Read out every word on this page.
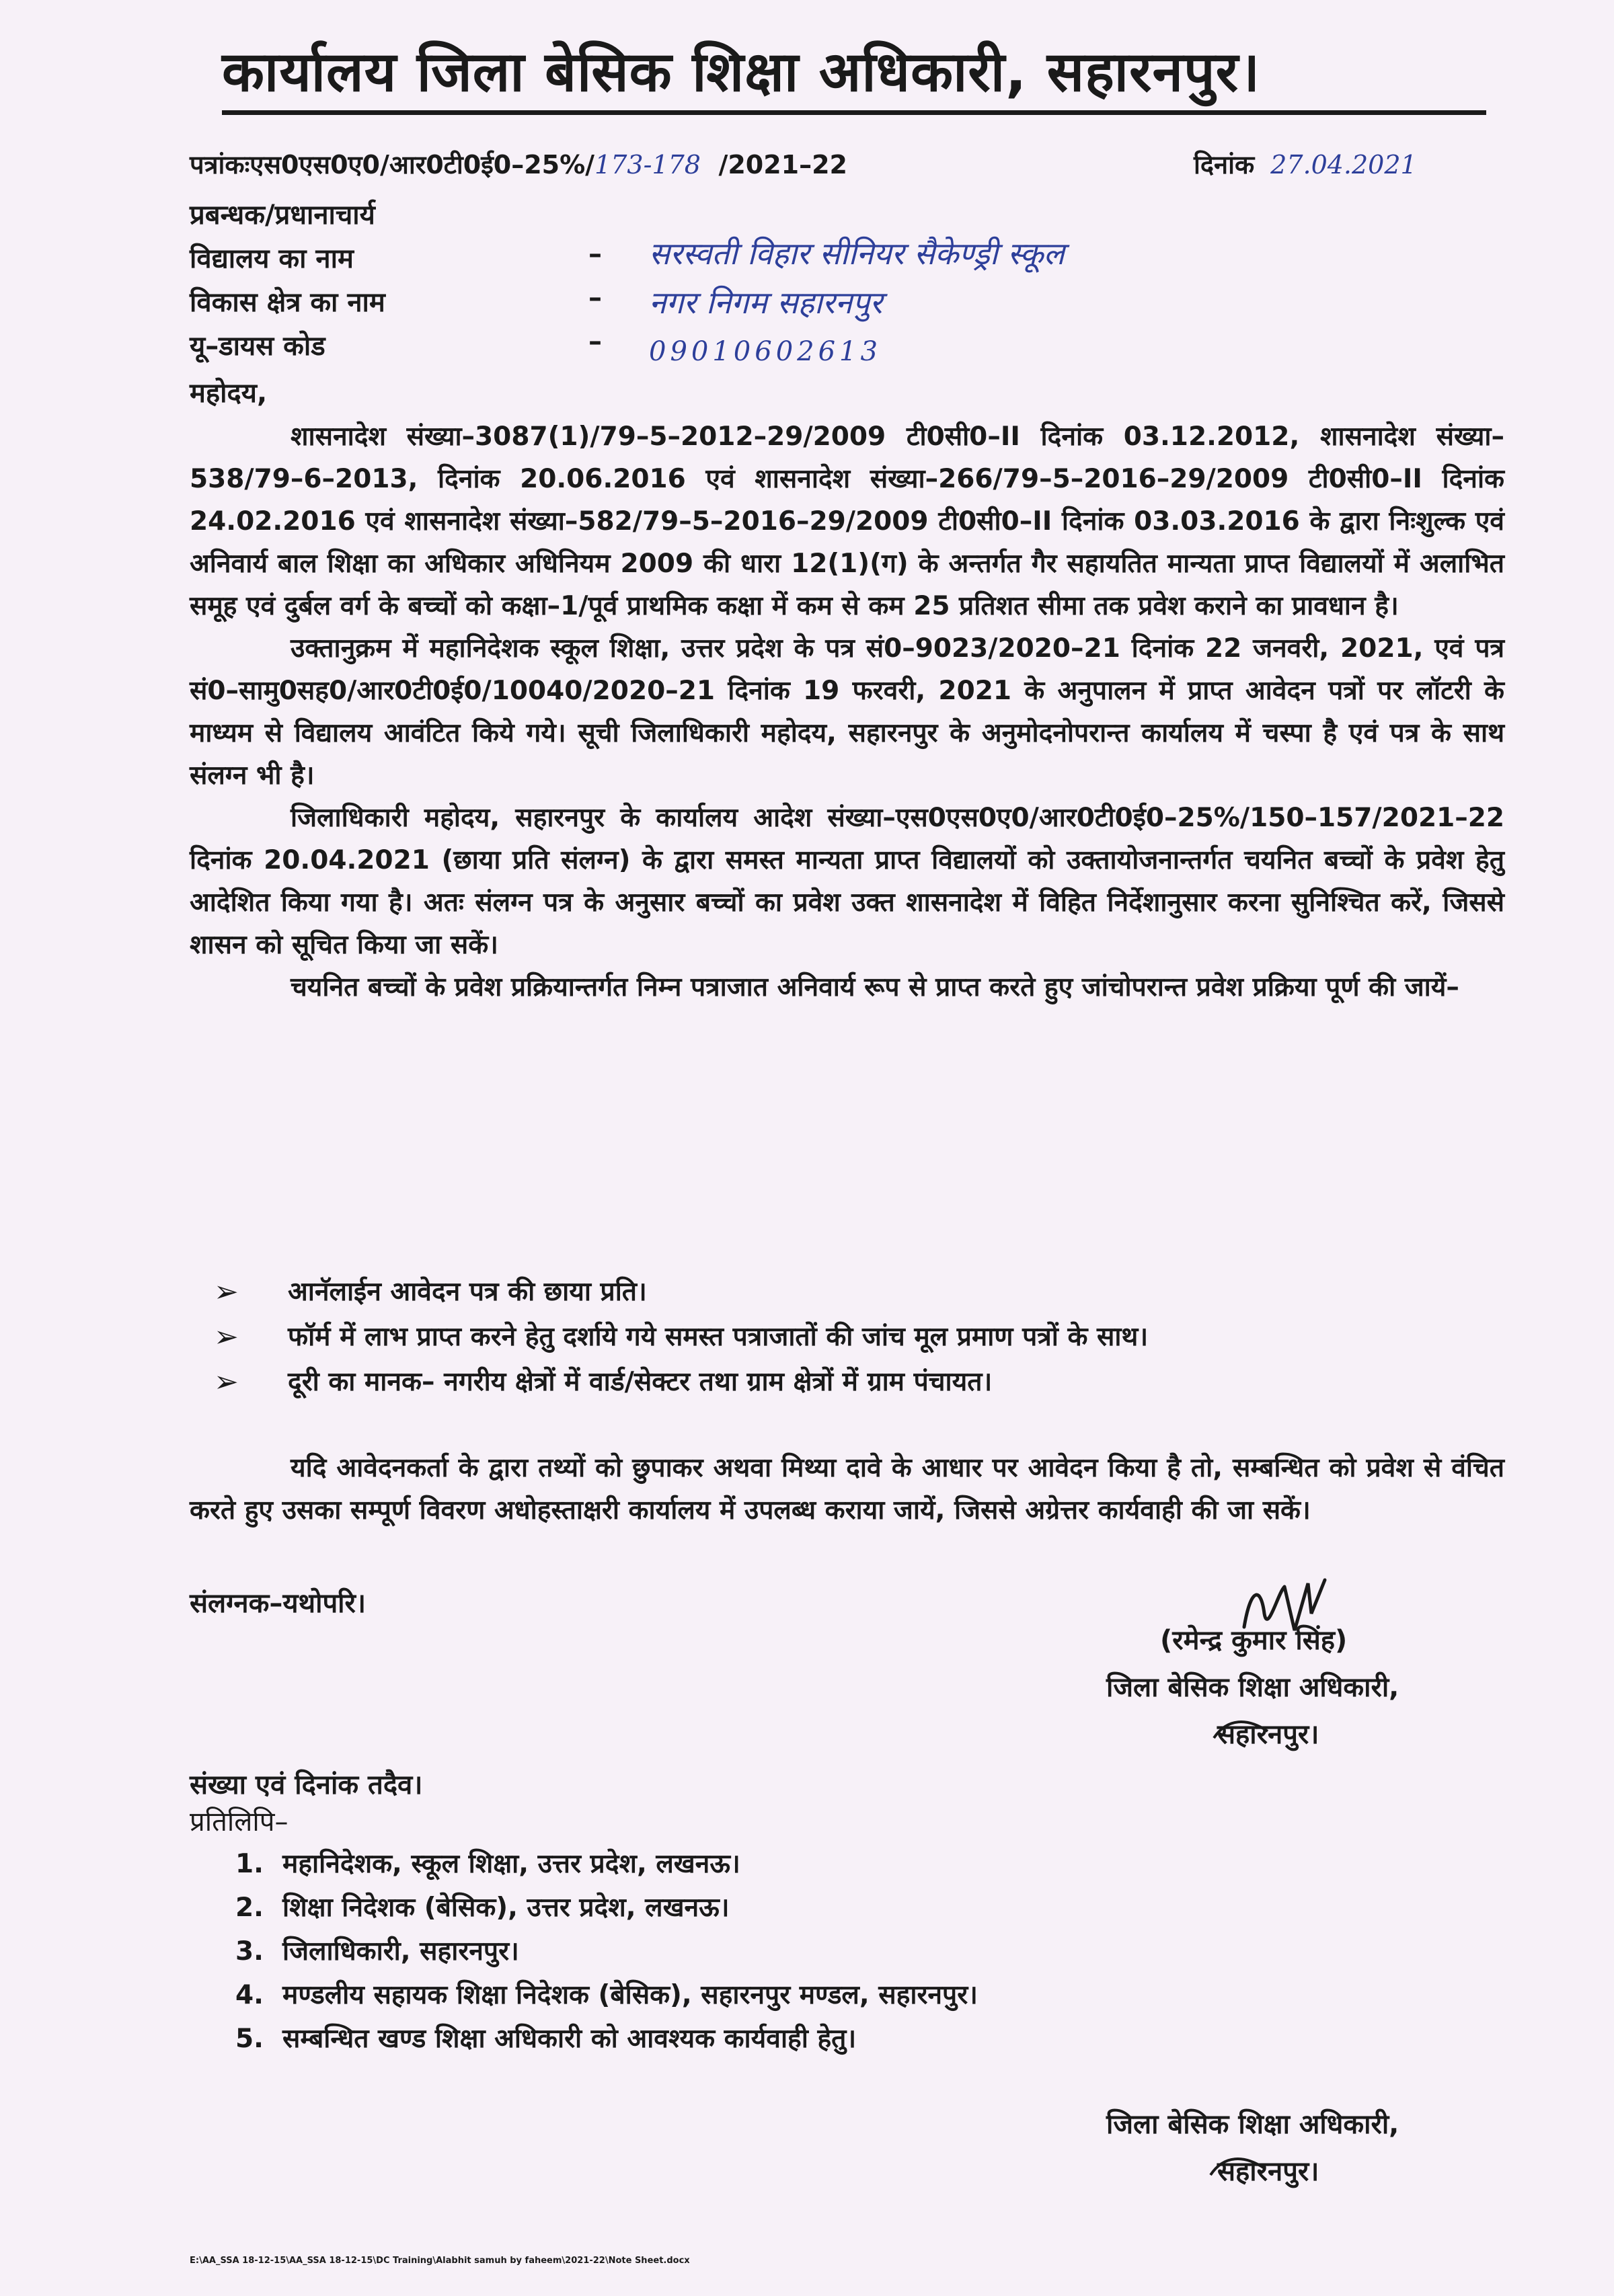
कार्यालय जिला बेसिक शिक्षा अधिकारी, सहारनपुर।
पत्रांकःएस0एस0ए0/आर0टी0ई0–25%/173-178 /2021–22	दिनांक 27.04.2021
प्रबन्धक/प्रधानाचार्य
विद्यालय का नाम	– सरस्वती विहार सीनियर सैकेण्ड्री स्कूल
विकास क्षेत्र का नाम	– नगर निगम सहारनपुर
यू–डायस कोड	– 09010602613
महोदय,

शासनादेश संख्या–3087(1)/79–5–2012–29/2009 टी0सी0–II दिनांक 03.12.2012, शासनादेश संख्या–538/79–6–2013, दिनांक 20.06.2016 एवं शासनादेश संख्या–266/79–5–2016–29/2009 टी0सी0–II दिनांक 24.02.2016 एवं शासनादेश संख्या–582/79–5–2016–29/2009 टी0सी0–II दिनांक 03.03.2016 के द्वारा निःशुल्क एवं अनिवार्य बाल शिक्षा का अधिकार अधिनियम 2009 की धारा 12(1)(ग) के अन्तर्गत गैर सहायतित मान्यता प्राप्त विद्यालयों में अलाभित समूह एवं दुर्बल वर्ग के बच्चों को कक्षा–1/पूर्व प्राथमिक कक्षा में कम से कम 25 प्रतिशत सीमा तक प्रवेश कराने का प्रावधान है।

उक्तानुक्रम में महानिदेशक स्कूल शिक्षा, उत्तर प्रदेश के पत्र सं0–9023/2020–21 दिनांक 22 जनवरी, 2021, एवं पत्र सं0–सामु0सह0/आर0टी0ई0/10040/2020–21 दिनांक 19 फरवरी, 2021 के अनुपालन में प्राप्त आवेदन पत्रों पर लॉटरी के माध्यम से विद्यालय आवंटित किये गये। सूची जिलाधिकारी महोदय, सहारनपुर के अनुमोदनोपरान्त कार्यालय में चस्पा है एवं पत्र के साथ संलग्न भी है।

जिलाधिकारी महोदय, सहारनपुर के कार्यालय आदेश संख्या–एस0एस0ए0/आर0टी0ई0–25%/150–157/2021–22 दिनांक 20.04.2021 (छाया प्रति संलग्न) के द्वारा समस्त मान्यता प्राप्त विद्यालयों को उक्तायोजनान्तर्गत चयनित बच्चों के प्रवेश हेतु आदेशित किया गया है। अतः संलग्न पत्र के अनुसार बच्चों का प्रवेश उक्त शासनादेश में विहित निर्देशानुसार करना सुनिश्चित करें, जिससे शासन को सूचित किया जा सकें।

चयनित बच्चों के प्रवेश प्रक्रियान्तर्गत निम्न पत्राजात अनिवार्य रूप से प्राप्त करते हुए जांचोपरान्त प्रवेश प्रक्रिया पूर्ण की जायें–

➢ आनॅलाईन आवेदन पत्र की छाया प्रति।
➢ फॉर्म में लाभ प्राप्त करने हेतु दर्शाये गये समस्त पत्राजातों की जांच मूल प्रमाण पत्रों के साथ।
➢ दूरी का मानक– नगरीय क्षेत्रों में वार्ड/सेक्टर तथा ग्राम क्षेत्रों में ग्राम पंचायत।

यदि आवेदनकर्ता के द्वारा तथ्यों को छुपाकर अथवा मिथ्या दावे के आधार पर आवेदन किया है तो, सम्बन्धित को प्रवेश से वंचित करते हुए उसका सम्पूर्ण विवरण अधोहस्ताक्षरी कार्यालय में उपलब्ध कराया जायें, जिससे अग्रेत्तर कार्यवाही की जा सकें।

संलग्नक–यथोपरि।
(रमेन्द्र कुमार सिंह)
जिला बेसिक शिक्षा अधिकारी,
सहारनपुर।
संख्या एवं दिनांक तदैव।
प्रतिलिपि–
1. महानिदेशक, स्कूल शिक्षा, उत्तर प्रदेश, लखनऊ।
2. शिक्षा निदेशक (बेसिक), उत्तर प्रदेश, लखनऊ।
3. जिलाधिकारी, सहारनपुर।
4. मण्डलीय सहायक शिक्षा निदेशक (बेसिक), सहारनपुर मण्डल, सहारनपुर।
5. सम्बन्धित खण्ड शिक्षा अधिकारी को आवश्यक कार्यवाही हेतु।
जिला बेसिक शिक्षा अधिकारी,
सहारनपुर।
E:\AA_SSA 18-12-15\AA_SSA 18-12-15\DC Training\Alabhit samuh by faheem\2021-22\Note Sheet.docx
